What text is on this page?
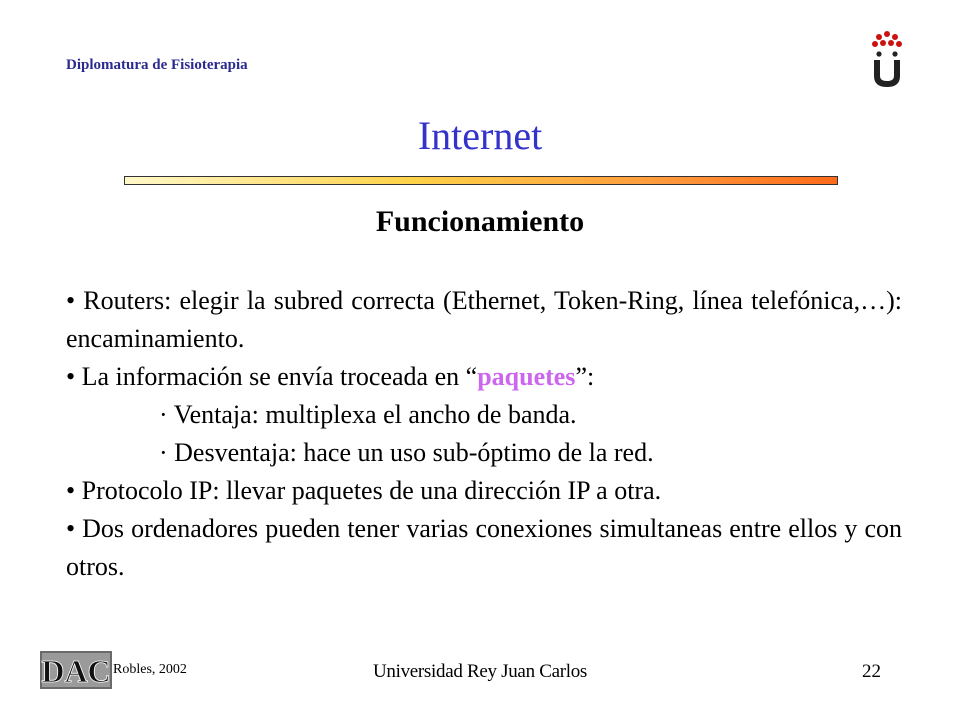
Diplomatura de Fisioterapia
Internet
Funcionamiento
• Routers: elegir la subred correcta (Ethernet, Token-Ring, línea telefónica,…): encaminamiento.
• La información se envía troceada en “paquetes”:
· Ventaja: multiplexa el ancho de banda.
· Desventaja: hace un uso sub-óptimo de la red.
• Protocolo IP: llevar paquetes de una dirección IP a otra.
• Dos ordenadores pueden tener varias conexiones simultaneas entre ellos y con otros.
DAC Robles, 2002	Universidad Rey Juan Carlos	22
